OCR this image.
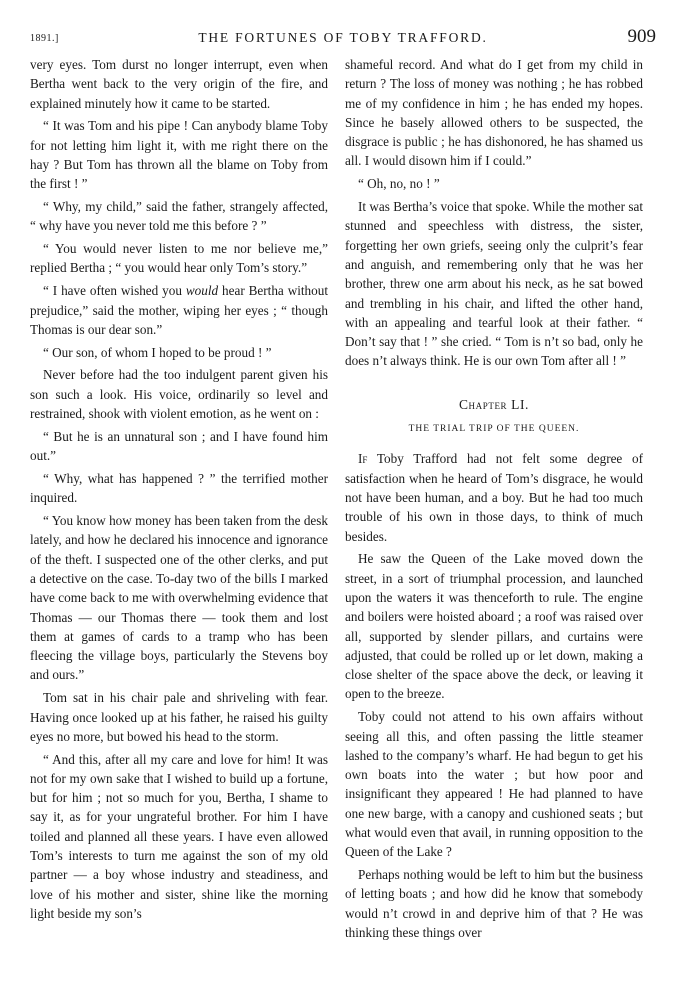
1891.]	THE FORTUNES OF TOBY TRAFFORD.	909

very eyes. Tom durst no longer interrupt, even when Bertha went back to the very origin of the fire, and explained minutely how it came to be started.

“ It was Tom and his pipe ! Can anybody blame Toby for not letting him light it, with me right there on the hay ? But Tom has thrown all the blame on Toby from the first ! ”

“ Why, my child,” said the father, strangely affected, “ why have you never told me this before ? ”

“ You would never listen to me nor believe me,” replied Bertha ; “ you would hear only Tom’s story.”

“ I have often wished you would hear Bertha without prejudice,” said the mother, wiping her eyes ; “ though Thomas is our dear son.”

“ Our son, of whom I hoped to be proud ! ”

Never before had the too indulgent parent given his son such a look. His voice, ordinarily so level and restrained, shook with violent emotion, as he went on :

“ But he is an unnatural son ; and I have found him out.”

“ Why, what has happened ? ” the terrified mother inquired.

“ You know how money has been taken from the desk lately, and how he declared his innocence and ignorance of the theft. I suspected one of the other clerks, and put a detective on the case. To-day two of the bills I marked have come back to me with overwhelming evidence that Thomas — our Thomas there — took them and lost them at games of cards to a tramp who has been fleecing the village boys, particularly the Stevens boy and ours.”

Tom sat in his chair pale and shriveling with fear. Having once looked up at his father, he raised his guilty eyes no more, but bowed his head to the storm.

“ And this, after all my care and love for him! It was not for my own sake that I wished to build up a fortune, but for him ; not so much for you, Bertha, I shame to say it, as for your ungrateful brother. For him I have toiled and planned all these years. I have even allowed Tom’s interests to turn me against the son of my old partner — a boy whose industry and steadiness, and love of his mother and sister, shine like the morning light beside my son’s

shameful record. And what do I get from my child in return ? The loss of money was nothing ; he has robbed me of my confidence in him ; he has ended my hopes. Since he basely allowed others to be suspected, the disgrace is public ; he has dishonored, he has shamed us all. I would disown him if I could.”

“ Oh, no, no ! ”

It was Bertha’s voice that spoke. While the mother sat stunned and speechless with distress, the sister, forgetting her own griefs, seeing only the culprit’s fear and anguish, and remembering only that he was her brother, threw one arm about his neck, as he sat bowed and trembling in his chair, and lifted the other hand, with an appealing and tearful look at their father. “ Don’t say that ! ” she cried. “ Tom is n’t so bad, only he does n’t always think. He is our own Tom after all ! ”

Chapter LI.
THE TRIAL TRIP OF THE QUEEN.

If Toby Trafford had not felt some degree of satisfaction when he heard of Tom’s disgrace, he would not have been human, and a boy. But he had too much trouble of his own in those days, to think of much besides.

He saw the Queen of the Lake moved down the street, in a sort of triumphal procession, and launched upon the waters it was thenceforth to rule. The engine and boilers were hoisted aboard ; a roof was raised over all, supported by slender pillars, and curtains were adjusted, that could be rolled up or let down, making a close shelter of the space above the deck, or leaving it open to the breeze.

Toby could not attend to his own affairs without seeing all this, and often passing the little steamer lashed to the company’s wharf. He had begun to get his own boats into the water ; but how poor and insignificant they appeared ! He had planned to have one new barge, with a canopy and cushioned seats ; but what would even that avail, in running opposition to the Queen of the Lake ?

Perhaps nothing would be left to him but the business of letting boats ; and how did he know that somebody would n’t crowd in and deprive him of that ? He was thinking these things over
